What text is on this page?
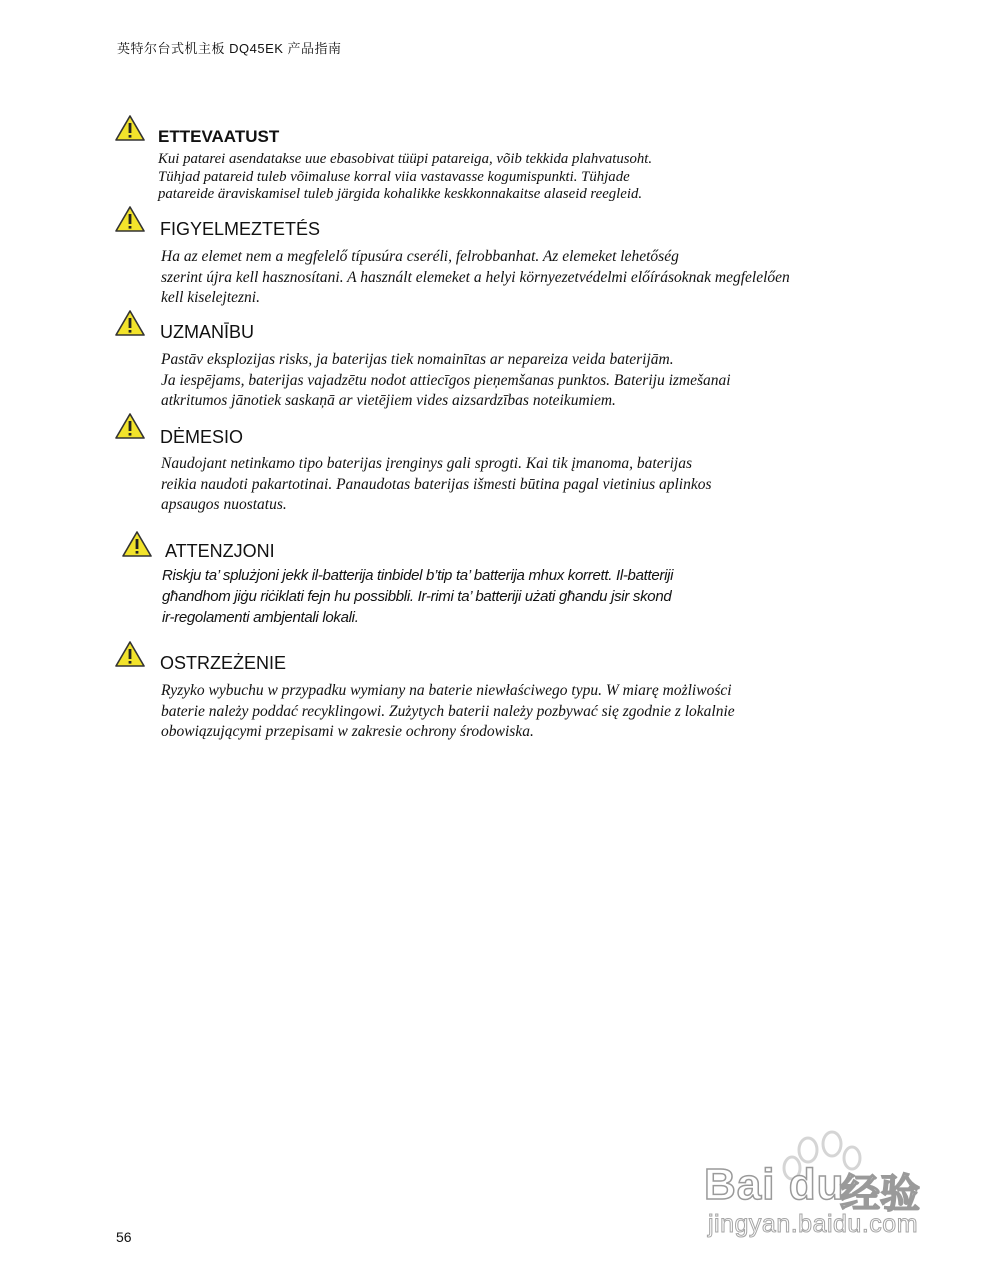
英特尔台式机主板 DQ45EK 产品指南
ETTEVAATUST
Kui patarei asendatakse uue ebasobivat tüüpi patareiga, võib tekkida plahvatusoht.
Tühjad patareid tuleb võimaluse korral viia vastavasse kogumispunkti. Tühjade
patareide äraviskamisel tuleb järgida kohalikke keskkonnakaitse alaseid reegleid.
FIGYELMEZTETÉS
Ha az elemet nem a megfelelő típusúra cseréli, felrobbanhat. Az elemeket lehetőség
szerint újra kell hasznosítani. A használt elemeket a helyi környezetvédelmi előírásoknak megfelelően
kell kiselejtezni.
UZMANĪBU
Pastāv eksplozijas risks, ja baterijas tiek nomainītas ar nepareiza veida baterijām.
Ja iespējams, baterijas vajadzētu nodot attiecīgos pieņemšanas punktos. Bateriju izmešanai
atkritumos jānotiek saskaņā ar vietējiem vides aizsardzības noteikumiem.
DĖMESIO
Naudojant netinkamo tipo baterijas įrenginys gali sprogti. Kai tik įmanoma, baterijas
reikia naudoti pakartotinai. Panaudotas baterijas išmesti būtina pagal vietinius aplinkos
apsaugos nuostatus.
ATTENZJONI
Riskju ta’ splużjoni jekk il-batterija tinbidel b’tip ta’ batterija mhux korrett. Il-batteriji
għandhom jiġu riċiklati fejn hu possibbli. Ir-rimi ta’ batteriji użati għandu jsir skond
ir-regolamenti ambjentali lokali.
OSTRZEŻENIE
Ryzyko wybuchu w przypadku wymiany na baterie niewłaściwego typu. W miarę możliwości
baterie należy poddać recyklingowi. Zużytych baterii należy pozbywać się zgodnie z lokalnie
obowiązującymi przepisami w zakresie ochrony środowiska.
Bai du
经验
jingyan.baidu.com
56
